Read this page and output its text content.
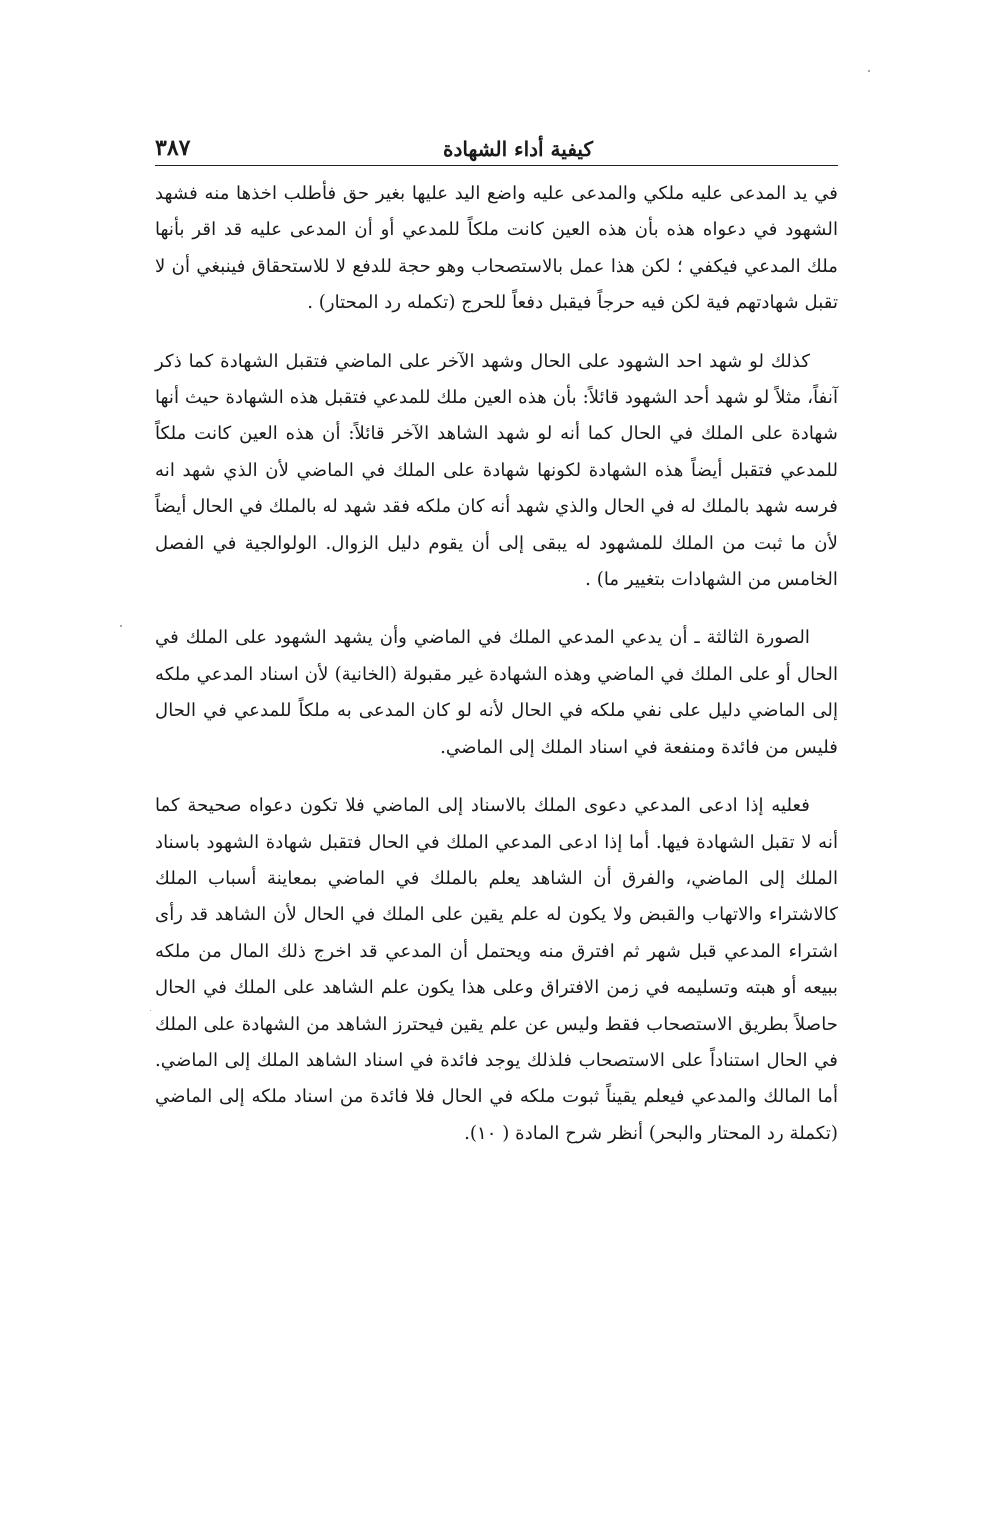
كيفية أداء الشهادة
٣٨٧

في يد المدعى عليه ملكي والمدعى عليه واضع اليد عليها بغير حق فأطلب اخذها منه فشهد الشهود في دعواه هذه بأن هذه العين كانت ملكاً للمدعي أو أن المدعى عليه قد اقر بأنها ملك المدعي فيكفي ؛ لكن هذا عمل بالاستصحاب وهو حجة للدفع لا للاستحقاق فينبغي أن لا تقبل شهادتهم فية لكن فيه حرجاً فيقبل دفعاً للحرج (تكمله رد المحتار) .

كذلك لو شهد احد الشهود على الحال وشهد الآخر على الماضي فتقبل الشهادة كما ذكر آنفاً، مثلاً لو شهد أحد الشهود قائلاً: بأن هذه العين ملك للمدعي فتقبل هذه الشهادة حيث أنها شهادة على الملك في الحال كما أنه لو شهد الشاهد الآخر قائلاً: أن هذه العين كانت ملكاً للمدعي فتقبل أيضاً هذه الشهادة لكونها شهادة على الملك في الماضي لأن الذي شهد انه فرسه شهد بالملك له في الحال والذي شهد أنه كان ملكه فقد شهد له بالملك في الحال أيضاً لأن ما ثبت من الملك للمشهود له يبقى إلى أن يقوم دليل الزوال. الولوالجية في الفصل الخامس من الشهادات بتغيير ما) .

الصورة الثالثة ـ أن يدعي المدعي الملك في الماضي وأن يشهد الشهود على الملك في الحال أو على الملك في الماضي وهذه الشهادة غير مقبولة (الخانية) لأن اسناد المدعي ملكه إلى الماضي دليل على نفي ملكه في الحال لأنه لو كان المدعى به ملكاً للمدعي في الحال فليس من فائدة ومنفعة في اسناد الملك إلى الماضي.

فعليه إذا ادعى المدعي دعوى الملك بالاسناد إلى الماضي فلا تكون دعواه صحيحة كما أنه لا تقبل الشهادة فيها. أما إذا ادعى المدعي الملك في الحال فتقبل شهادة الشهود باسناد الملك إلى الماضي، والفرق أن الشاهد يعلم بالملك في الماضي بمعاينة أسباب الملك كالاشتراء والاتهاب والقبض ولا يكون له علم يقين على الملك في الحال لأن الشاهد قد رأى اشتراء المدعي قبل شهر ثم افترق منه ويحتمل أن المدعي قد اخرج ذلك المال من ملكه ببيعه أو هبته وتسليمه في زمن الافتراق وعلى هذا يكون علم الشاهد على الملك في الحال حاصلاً بطريق الاستصحاب فقط وليس عن علم يقين فيحترز الشاهد من الشهادة على الملك في الحال استناداً على الاستصحاب فلذلك يوجد فائدة في اسناد الشاهد الملك إلى الماضي. أما المالك والمدعي فيعلم يقيناً ثبوت ملكه في الحال فلا فائدة من اسناد ملكه إلى الماضي (تكملة رد المحتار والبحر) أنظر شرح المادة ( ١٠).
